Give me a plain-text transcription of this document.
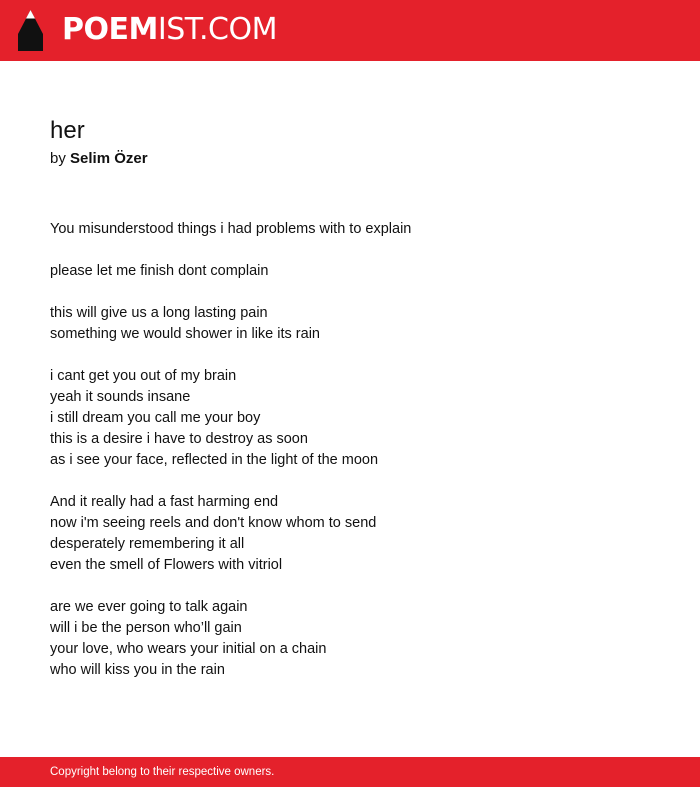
POEMIST.COM
her
by Selim Özer
You misunderstood things i had problems with to explain
please let me finish dont complain
this will give us a long lasting pain
something we would shower in like its rain
i cant get you out of my brain
yeah it sounds insane
i still dream you call me your boy
this is a desire i have to destroy as soon
as i see your face, reflected in the light of the moon
And it really had a fast harming end
now i'm seeing reels and don't know whom to send
desperately remembering it all
even the smell of Flowers with vitriol
are we ever going to talk again
will i be the person who’ll gain
your love, who wears your initial on a chain
who will kiss you in the rain
Copyright belong to their respective owners.
